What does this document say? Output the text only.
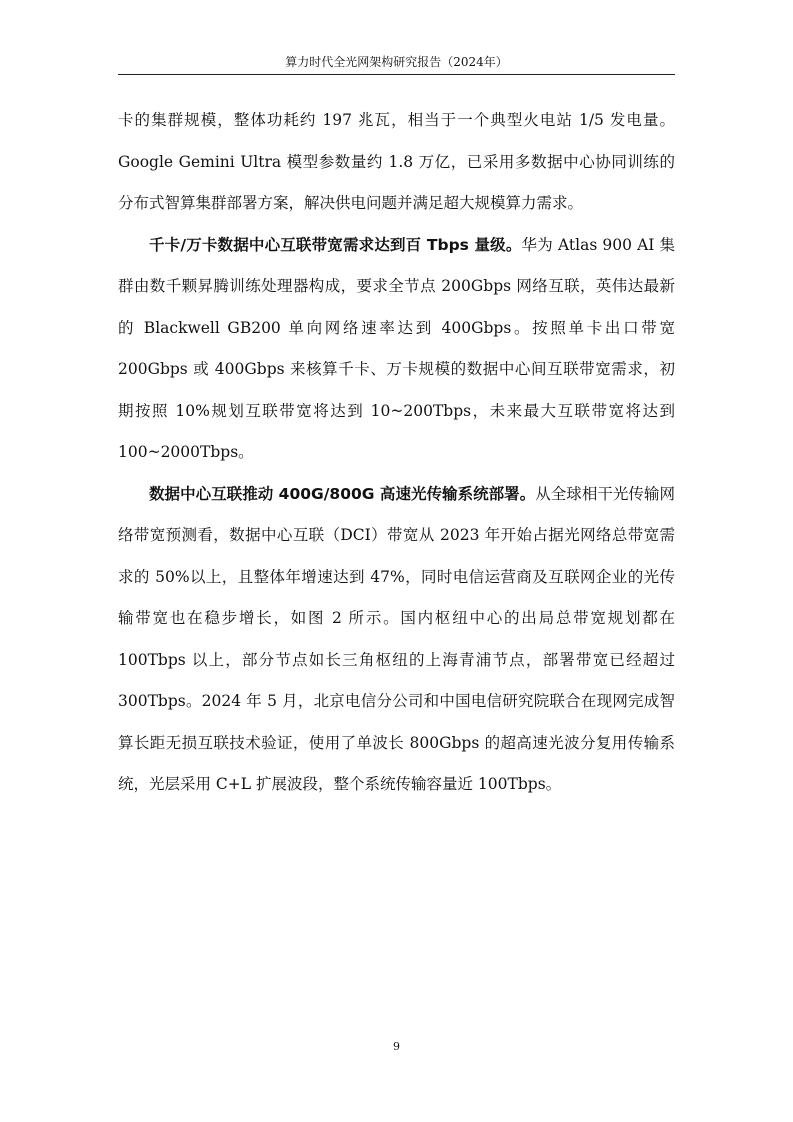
算力时代全光网架构研究报告（2024年）

卡的集群规模，整体功耗约 197 兆瓦，相当于一个典型火电站 1/5 发电量。Google Gemini Ultra 模型参数量约 1.8 万亿，已采用多数据中心协同训练的分布式智算集群部署方案，解决供电问题并满足超大规模算力需求。

千卡/万卡数据中心互联带宽需求达到百 Tbps 量级。华为 Atlas 900 AI 集群由数千颗昇腾训练处理器构成，要求全节点 200Gbps 网络互联，英伟达最新的 Blackwell GB200 单向网络速率达到 400Gbps。按照单卡出口带宽 200Gbps 或 400Gbps 来核算千卡、万卡规模的数据中心间互联带宽需求，初期按照 10%规划互联带宽将达到 10~200Tbps，未来最大互联带宽将达到 100~2000Tbps。

数据中心互联推动 400G/800G 高速光传输系统部署。从全球相干光传输网络带宽预测看，数据中心互联（DCI）带宽从 2023 年开始占据光网络总带宽需求的 50%以上，且整体年增速达到 47%，同时电信运营商及互联网企业的光传输带宽也在稳步增长，如图 2 所示。国内枢纽中心的出局总带宽规划都在 100Tbps 以上，部分节点如长三角枢纽的上海青浦节点，部署带宽已经超过 300Tbps。2024 年 5 月，北京电信分公司和中国电信研究院联合在现网完成智算长距无损互联技术验证，使用了单波长 800Gbps 的超高速光波分复用传输系统，光层采用 C+L 扩展波段，整个系统传输容量近 100Tbps。

9
